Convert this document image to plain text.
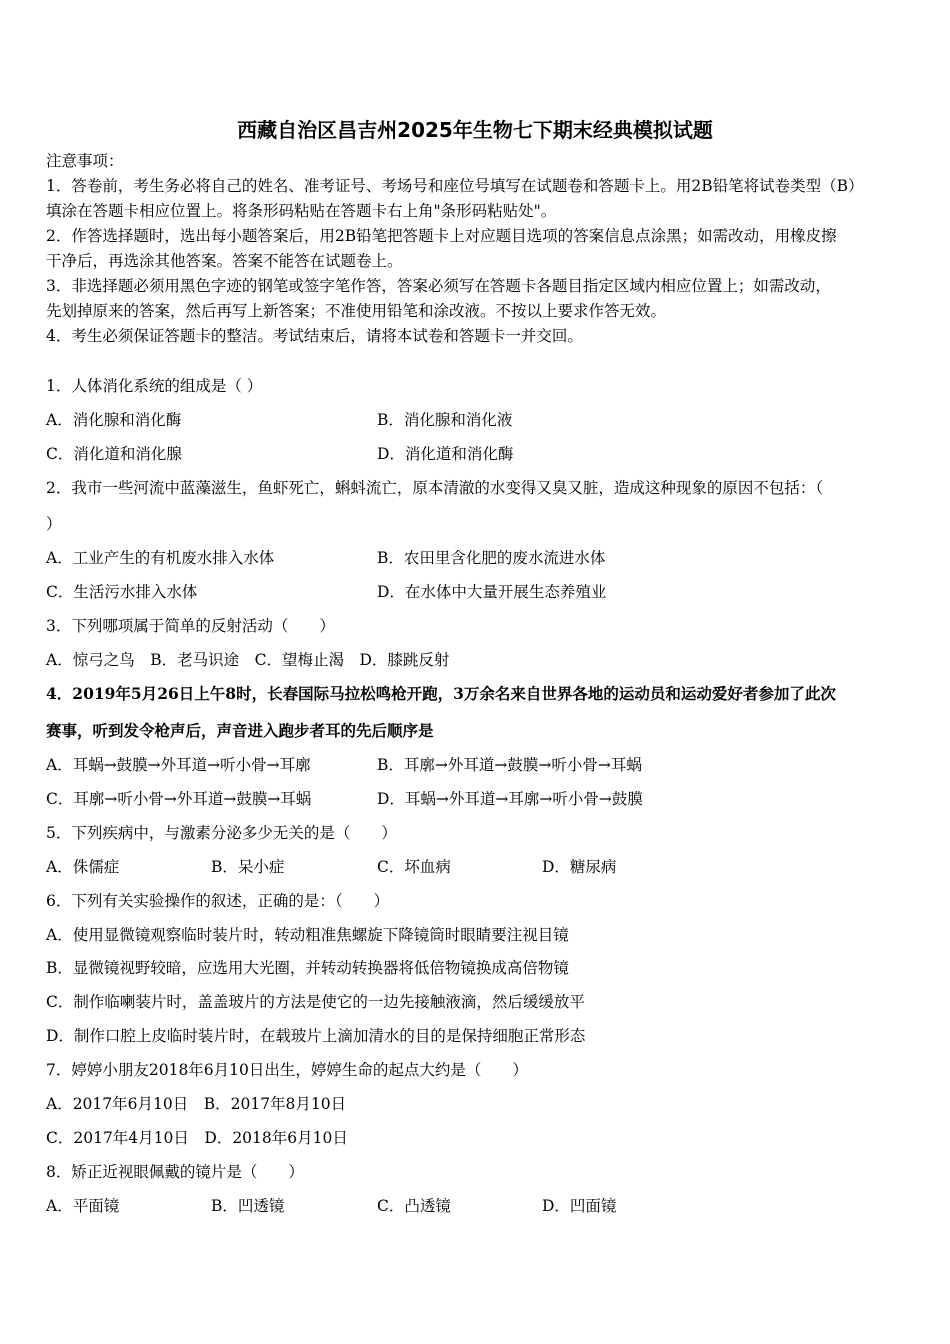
西藏自治区昌吉州2025年生物七下期末经典模拟试题
注意事项：
1．答卷前，考生务必将自己的姓名、准考证号、考场号和座位号填写在试题卷和答题卡上。用2B铅笔将试卷类型（B）
填涂在答题卡相应位置上。将条形码粘贴在答题卡右上角"条形码粘贴处"。
2．作答选择题时，选出每小题答案后，用2B铅笔把答题卡上对应题目选项的答案信息点涂黑；如需改动，用橡皮擦
干净后，再选涂其他答案。答案不能答在试题卷上。
3．非选择题必须用黑色字迹的钢笔或签字笔作答，答案必须写在答题卡各题目指定区域内相应位置上；如需改动，
先划掉原来的答案，然后再写上新答案；不准使用铅笔和涂改液。不按以上要求作答无效。
4．考生必须保证答题卡的整洁。考试结束后，请将本试卷和答题卡一并交回。
1．人体消化系统的组成是（ ）
A．消化腺和消化酶	B．消化腺和消化液
C．消化道和消化腺	D．消化道和消化酶
2．我市一些河流中蓝藻滋生，鱼虾死亡，蝌蚪流亡，原本清澈的水变得又臭又脏，造成这种现象的原因不包括：（
）
A．工业产生的有机废水排入水体	B．农田里含化肥的废水流进水体
C．生活污水排入水体	D．在水体中大量开展生态养殖业
3．下列哪项属于简单的反射活动（　　）
A．惊弓之鸟　B．老马识途　C．望梅止渴　D．膝跳反射
4．2019年5月26日上午8时，长春国际马拉松鸣枪开跑，3万余名来自世界各地的运动员和运动爱好者参加了此次
赛事，听到发令枪声后，声音进入跑步者耳的先后顺序是
A．耳蜗→鼓膜→外耳道→听小骨→耳廓	B．耳廓→外耳道→鼓膜→听小骨→耳蜗
C．耳廓→听小骨→外耳道→鼓膜→耳蜗	D．耳蜗→外耳道→耳廓→听小骨→鼓膜
5．下列疾病中，与激素分泌多少无关的是（　　）
A．侏儒症	B．呆小症	C．坏血病	D．糖尿病
6．下列有关实验操作的叙述，正确的是：（　　）
A．使用显微镜观察临时装片时，转动粗准焦螺旋下降镜筒时眼睛要注视目镜
B．显微镜视野较暗，应选用大光圈，并转动转换器将低倍物镜换成高倍物镜
C．制作临喇装片时，盖盖玻片的方法是使它的一边先接触液滴，然后缓缓放平
D．制作口腔上皮临时装片时，在载玻片上滴加清水的目的是保持细胞正常形态
7．婷婷小朋友2018年6月10日出生，婷婷生命的起点大约是（　　）
A．2017年6月10日　B．2017年8月10日
C．2017年4月10日　D．2018年6月10日
8．矫正近视眼佩戴的镜片是（　　）
A．平面镜	B．凹透镜	C．凸透镜	D．凹面镜
